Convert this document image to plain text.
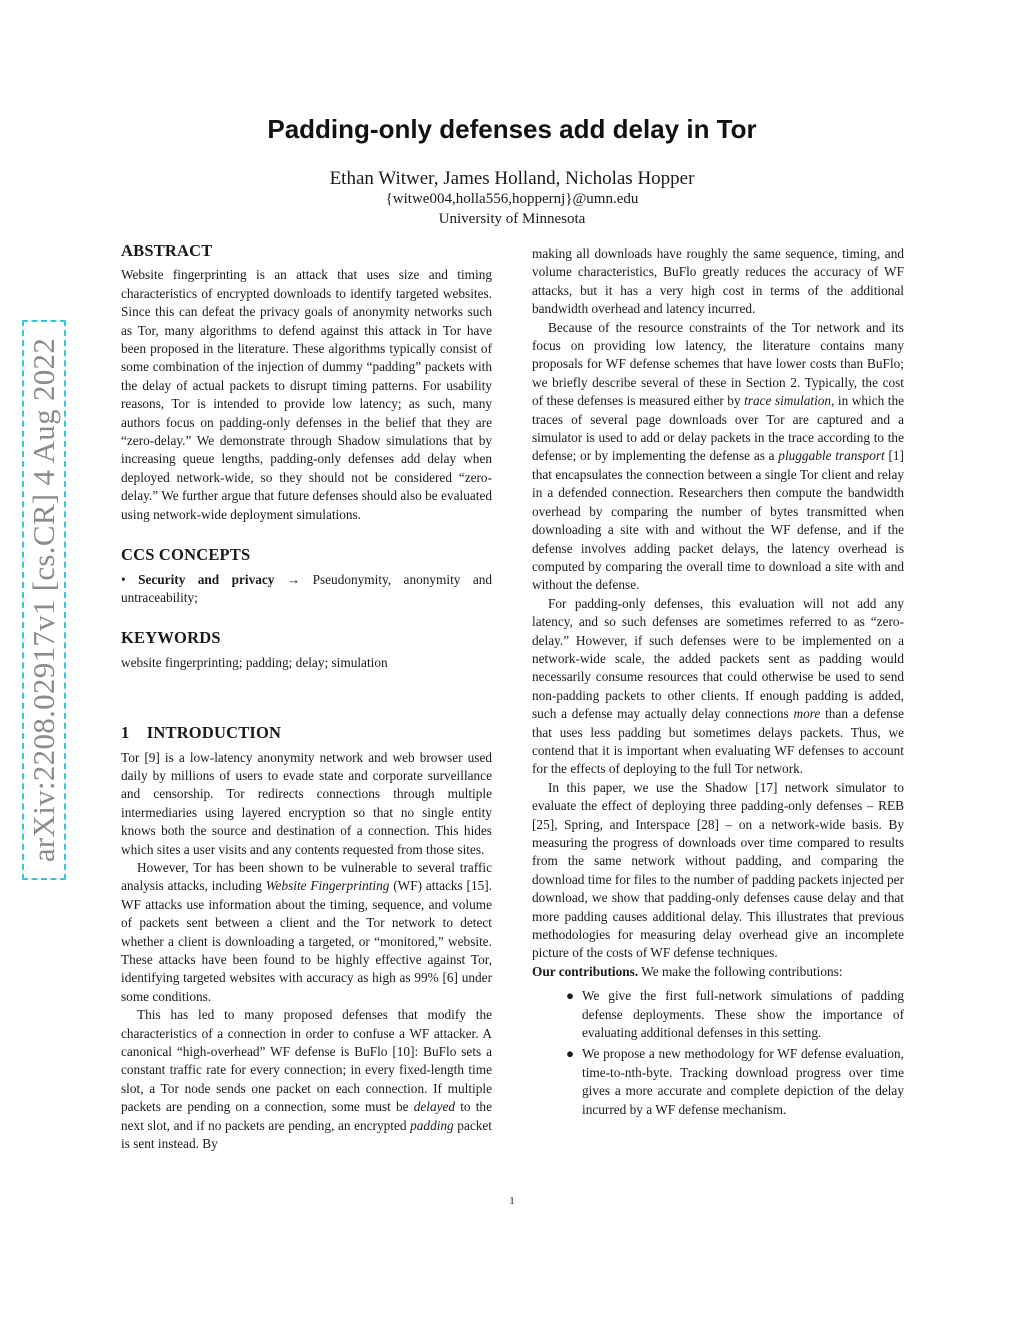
arXiv:2208.02917v1 [cs.CR] 4 Aug 2022
Padding-only defenses add delay in Tor
Ethan Witwer, James Holland, Nicholas Hopper
{witwe004,holla556,hoppernj}@umn.edu
University of Minnesota

ABSTRACT

Website fingerprinting is an attack that uses size and timing characteristics of encrypted downloads to identify targeted websites. Since this can defeat the privacy goals of anonymity networks such as Tor, many algorithms to defend against this attack in Tor have been proposed in the literature. These algorithms typically consist of some combination of the injection of dummy “padding” packets with the delay of actual packets to disrupt timing patterns. For usability reasons, Tor is intended to provide low latency; as such, many authors focus on padding-only defenses in the belief that they are “zero-delay.” We demonstrate through Shadow simulations that by increasing queue lengths, padding-only defenses add delay when deployed network-wide, so they should not be considered “zero-delay.” We further argue that future defenses should also be evaluated using network-wide deployment simulations.

CCS CONCEPTS

• Security and privacy → Pseudonymity, anonymity and untraceability;

KEYWORDS

website fingerprinting; padding; delay; simulation

1    INTRODUCTION

Tor [9] is a low-latency anonymity network and web browser used daily by millions of users to evade state and corporate surveillance and censorship. Tor redirects connections through multiple intermediaries using layered encryption so that no single entity knows both the source and destination of a connection. This hides which sites a user visits and any contents requested from those sites.

However, Tor has been shown to be vulnerable to several traffic analysis attacks, including Website Fingerprinting (WF) attacks [15]. WF attacks use information about the timing, sequence, and volume of packets sent between a client and the Tor network to detect whether a client is downloading a targeted, or “monitored,” website. These attacks have been found to be highly effective against Tor, identifying targeted websites with accuracy as high as 99% [6] under some conditions.

This has led to many proposed defenses that modify the characteristics of a connection in order to confuse a WF attacker. A canonical “high-overhead” WF defense is BuFlo [10]: BuFlo sets a constant traffic rate for every connection; in every fixed-length time slot, a Tor node sends one packet on each connection. If multiple packets are pending on a connection, some must be delayed to the next slot, and if no packets are pending, an encrypted padding packet is sent instead. By

making all downloads have roughly the same sequence, timing, and volume characteristics, BuFlo greatly reduces the accuracy of WF attacks, but it has a very high cost in terms of the additional bandwidth overhead and latency incurred.

Because of the resource constraints of the Tor network and its focus on providing low latency, the literature contains many proposals for WF defense schemes that have lower costs than BuFlo; we briefly describe several of these in Section 2. Typically, the cost of these defenses is measured either by trace simulation, in which the traces of several page downloads over Tor are captured and a simulator is used to add or delay packets in the trace according to the defense; or by implementing the defense as a pluggable transport [1] that encapsulates the connection between a single Tor client and relay in a defended connection. Researchers then compute the bandwidth overhead by comparing the number of bytes transmitted when downloading a site with and without the WF defense, and if the defense involves adding packet delays, the latency overhead is computed by comparing the overall time to download a site with and without the defense.

For padding-only defenses, this evaluation will not add any latency, and so such defenses are sometimes referred to as “zero-delay.” However, if such defenses were to be implemented on a network-wide scale, the added packets sent as padding would necessarily consume resources that could otherwise be used to send non-padding packets to other clients. If enough padding is added, such a defense may actually delay connections more than a defense that uses less padding but sometimes delays packets. Thus, we contend that it is important when evaluating WF defenses to account for the effects of deploying to the full Tor network.

In this paper, we use the Shadow [17] network simulator to evaluate the effect of deploying three padding-only defenses – REB [25], Spring, and Interspace [28] – on a network-wide basis. By measuring the progress of downloads over time compared to results from the same network without padding, and comparing the download time for files to the number of padding packets injected per download, we show that padding-only defenses cause delay and that more padding causes additional delay. This illustrates that previous methodologies for measuring delay overhead give an incomplete picture of the costs of WF defense techniques.

Our contributions. We make the following contributions:

● We give the first full-network simulations of padding defense deployments. These show the importance of evaluating additional defenses in this setting.
● We propose a new methodology for WF defense evaluation, time-to-nth-byte. Tracking download progress over time gives a more accurate and complete depiction of the delay incurred by a WF defense mechanism.
1
